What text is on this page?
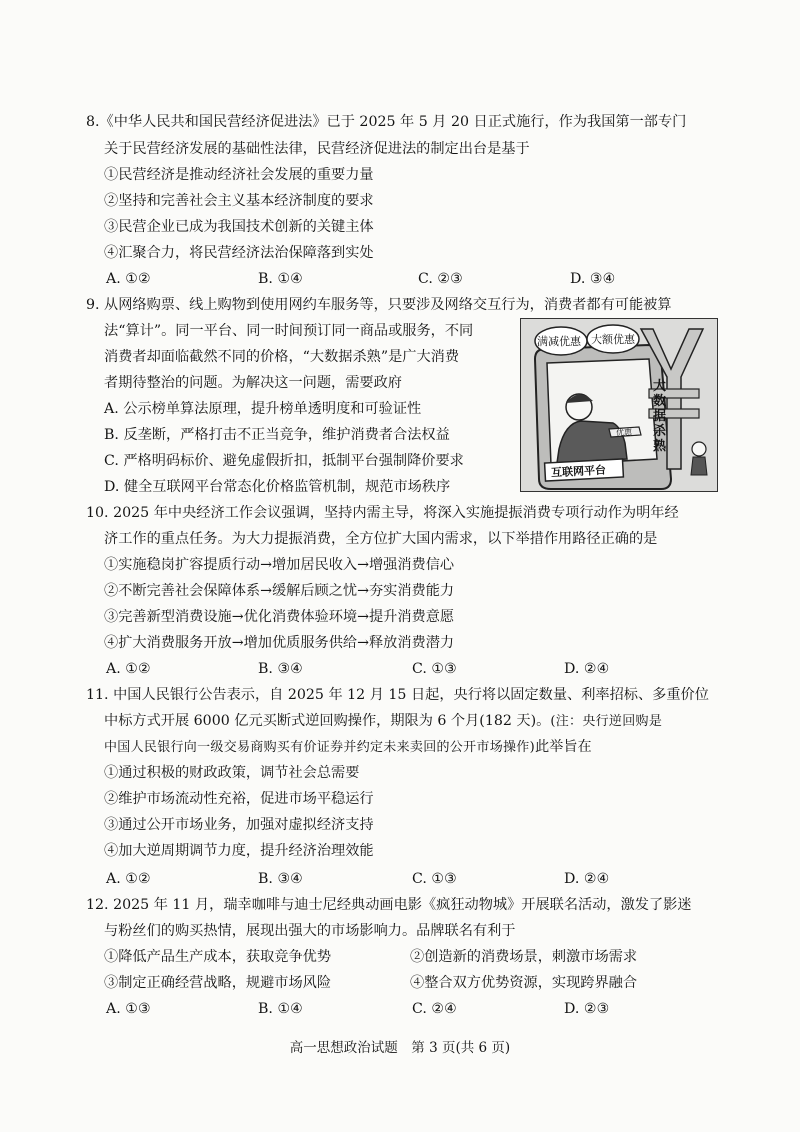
8.《中华人民共和国民营经济促进法》已于 2025 年 5 月 20 日正式施行，作为我国第一部专门
关于民营经济发展的基础性法律，民营经济促进法的制定出台是基于
①民营经济是推动经济社会发展的重要力量
②坚持和完善社会主义基本经济制度的要求
③民营企业已成为我国技术创新的关键主体
④汇聚合力，将民营经济法治保障落到实处
A. ①②	B. ①④	C. ②③	D. ③④
9. 从网络购票、线上购物到使用网约车服务等，只要涉及网络交互行为，消费者都有可能被算
法“算计”。同一平台、同一时间预订同一商品或服务，不同
消费者却面临截然不同的价格，“大数据杀熟”是广大消费
者期待整治的问题。为解决这一问题，需要政府
A. 公示榜单算法原理，提升榜单透明度和可验证性
B. 反垄断，严格打击不正当竞争，维护消费者合法权益
C. 严格明码标价、避免虚假折扣，抵制平台强制降价要求
D. 健全互联网平台常态化价格监管机制，规范市场秩序
满减优惠 大额优惠
互联网平台
大数据杀熟
优惠
10. 2025 年中央经济工作会议强调，坚持内需主导，将深入实施提振消费专项行动作为明年经
济工作的重点任务。为大力提振消费，全方位扩大国内需求，以下举措作用路径正确的是
①实施稳岗扩容提质行动→增加居民收入→增强消费信心
②不断完善社会保障体系→缓解后顾之忧→夯实消费能力
③完善新型消费设施→优化消费体验环境→提升消费意愿
④扩大消费服务开放→增加优质服务供给→释放消费潜力
A. ①②	B. ③④	C. ①③	D. ②④
11. 中国人民银行公告表示，自 2025 年 12 月 15 日起，央行将以固定数量、利率招标、多重价位
中标方式开展 6000 亿元买断式逆回购操作，期限为 6 个月(182 天)。(注：央行逆回购是
中国人民银行向一级交易商购买有价证券并约定未来卖回的公开市场操作)此举旨在
①通过积极的财政政策，调节社会总需要
②维护市场流动性充裕，促进市场平稳运行
③通过公开市场业务，加强对虚拟经济支持
④加大逆周期调节力度，提升经济治理效能
A. ①②	B. ③④	C. ①③	D. ②④
12. 2025 年 11 月，瑞幸咖啡与迪士尼经典动画电影《疯狂动物城》开展联名活动，激发了影迷
与粉丝们的购买热情，展现出强大的市场影响力。品牌联名有利于
①降低产品生产成本，获取竞争优势	②创造新的消费场景，刺激市场需求
③制定正确经营战略，规避市场风险	④整合双方优势资源，实现跨界融合
A. ①③	B. ①④	C. ②④	D. ②③
高一思想政治试题　第 3 页(共 6 页)
